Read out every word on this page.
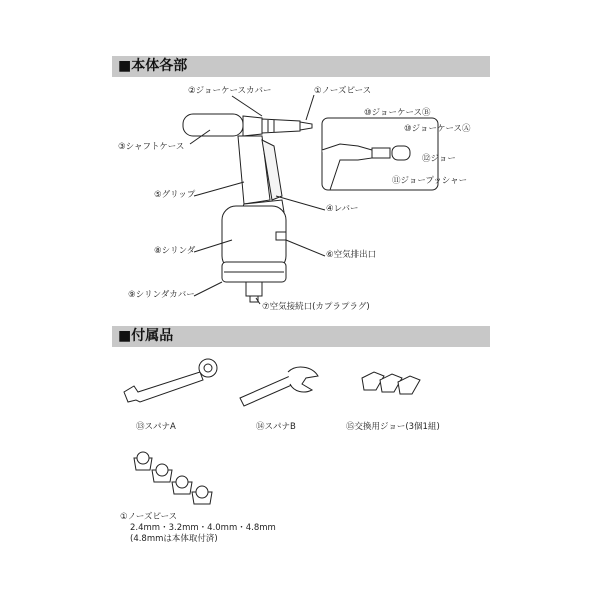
■本体各部
■付属品
②ジョーケースカバー	①ノーズピース
⑩ジョーケースⒷ
⑩ジョーケースⒶ
③シャフトケース
⑫ジョー
⑪ジョープッシャー
⑤グリップ
④レバー
⑧シリンダ	⑥空気排出口
⑨シリンダカバー
⑦空気接続口(カプラプラグ)
⑬スパナA	⑭スパナB	⑮交換用ジョー(3個1組)
①ノーズピース
2.4mm・3.2mm・4.0mm・4.8mm
(4.8mmは本体取付済)
